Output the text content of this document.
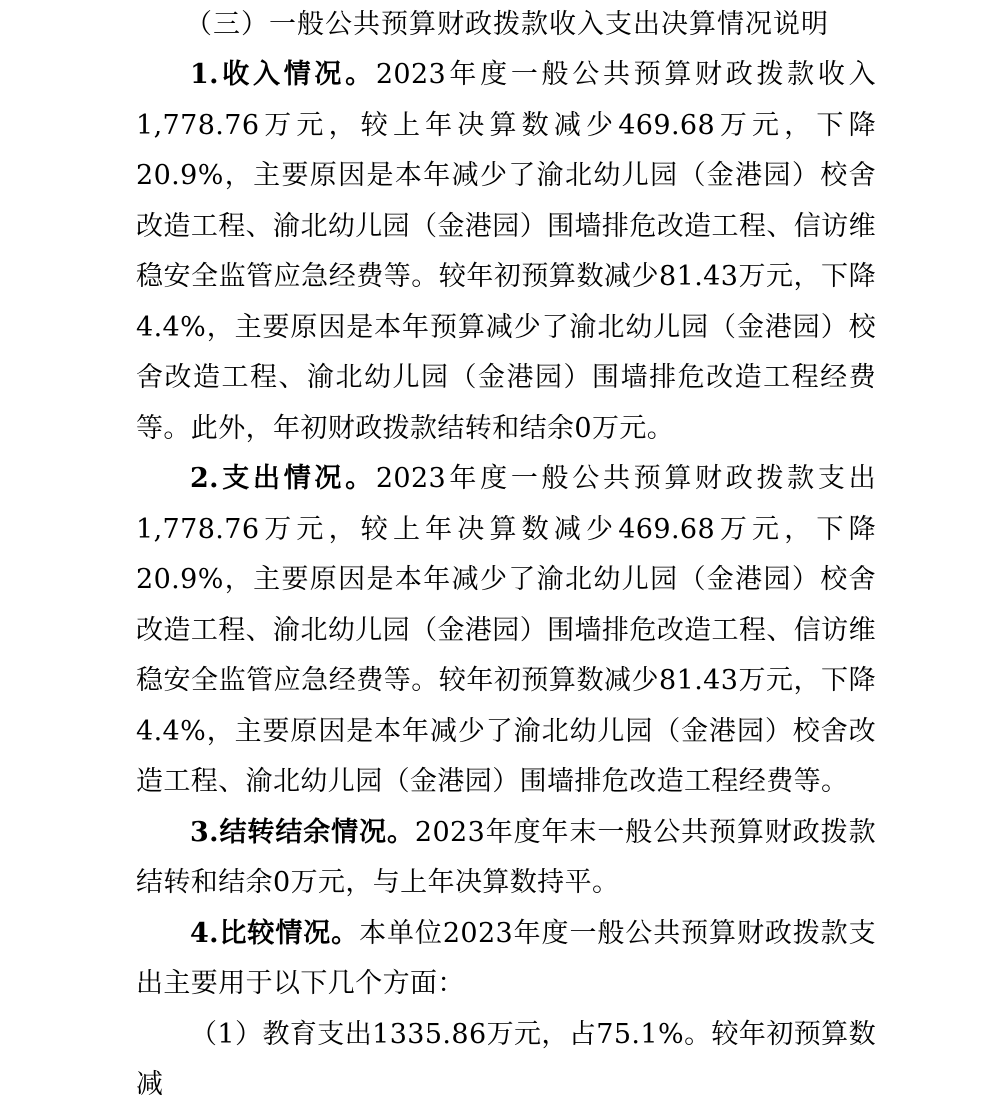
（三）一般公共预算财政拨款收入支出决算情况说明

1.收入情况。2023年度一般公共预算财政拨款收入1,778.76万元，较上年决算数减少469.68万元，下降20.9%，主要原因是本年减少了渝北幼儿园（金港园）校舍改造工程、渝北幼儿园（金港园）围墙排危改造工程、信访维稳安全监管应急经费等。较年初预算数减少81.43万元，下降4.4%，主要原因是本年预算减少了渝北幼儿园（金港园）校舍改造工程、渝北幼儿园（金港园）围墙排危改造工程经费等。此外，年初财政拨款结转和结余0万元。

2.支出情况。2023年度一般公共预算财政拨款支出1,778.76万元，较上年决算数减少469.68万元，下降20.9%，主要原因是本年减少了渝北幼儿园（金港园）校舍改造工程、渝北幼儿园（金港园）围墙排危改造工程、信访维稳安全监管应急经费等。较年初预算数减少81.43万元，下降4.4%，主要原因是本年减少了渝北幼儿园（金港园）校舍改造工程、渝北幼儿园（金港园）围墙排危改造工程经费等。

3.结转结余情况。2023年度年末一般公共预算财政拨款结转和结余0万元，与上年决算数持平。

4.比较情况。本单位2023年度一般公共预算财政拨款支出主要用于以下几个方面：

（1）教育支出1335.86万元，占75.1%。较年初预算数减
